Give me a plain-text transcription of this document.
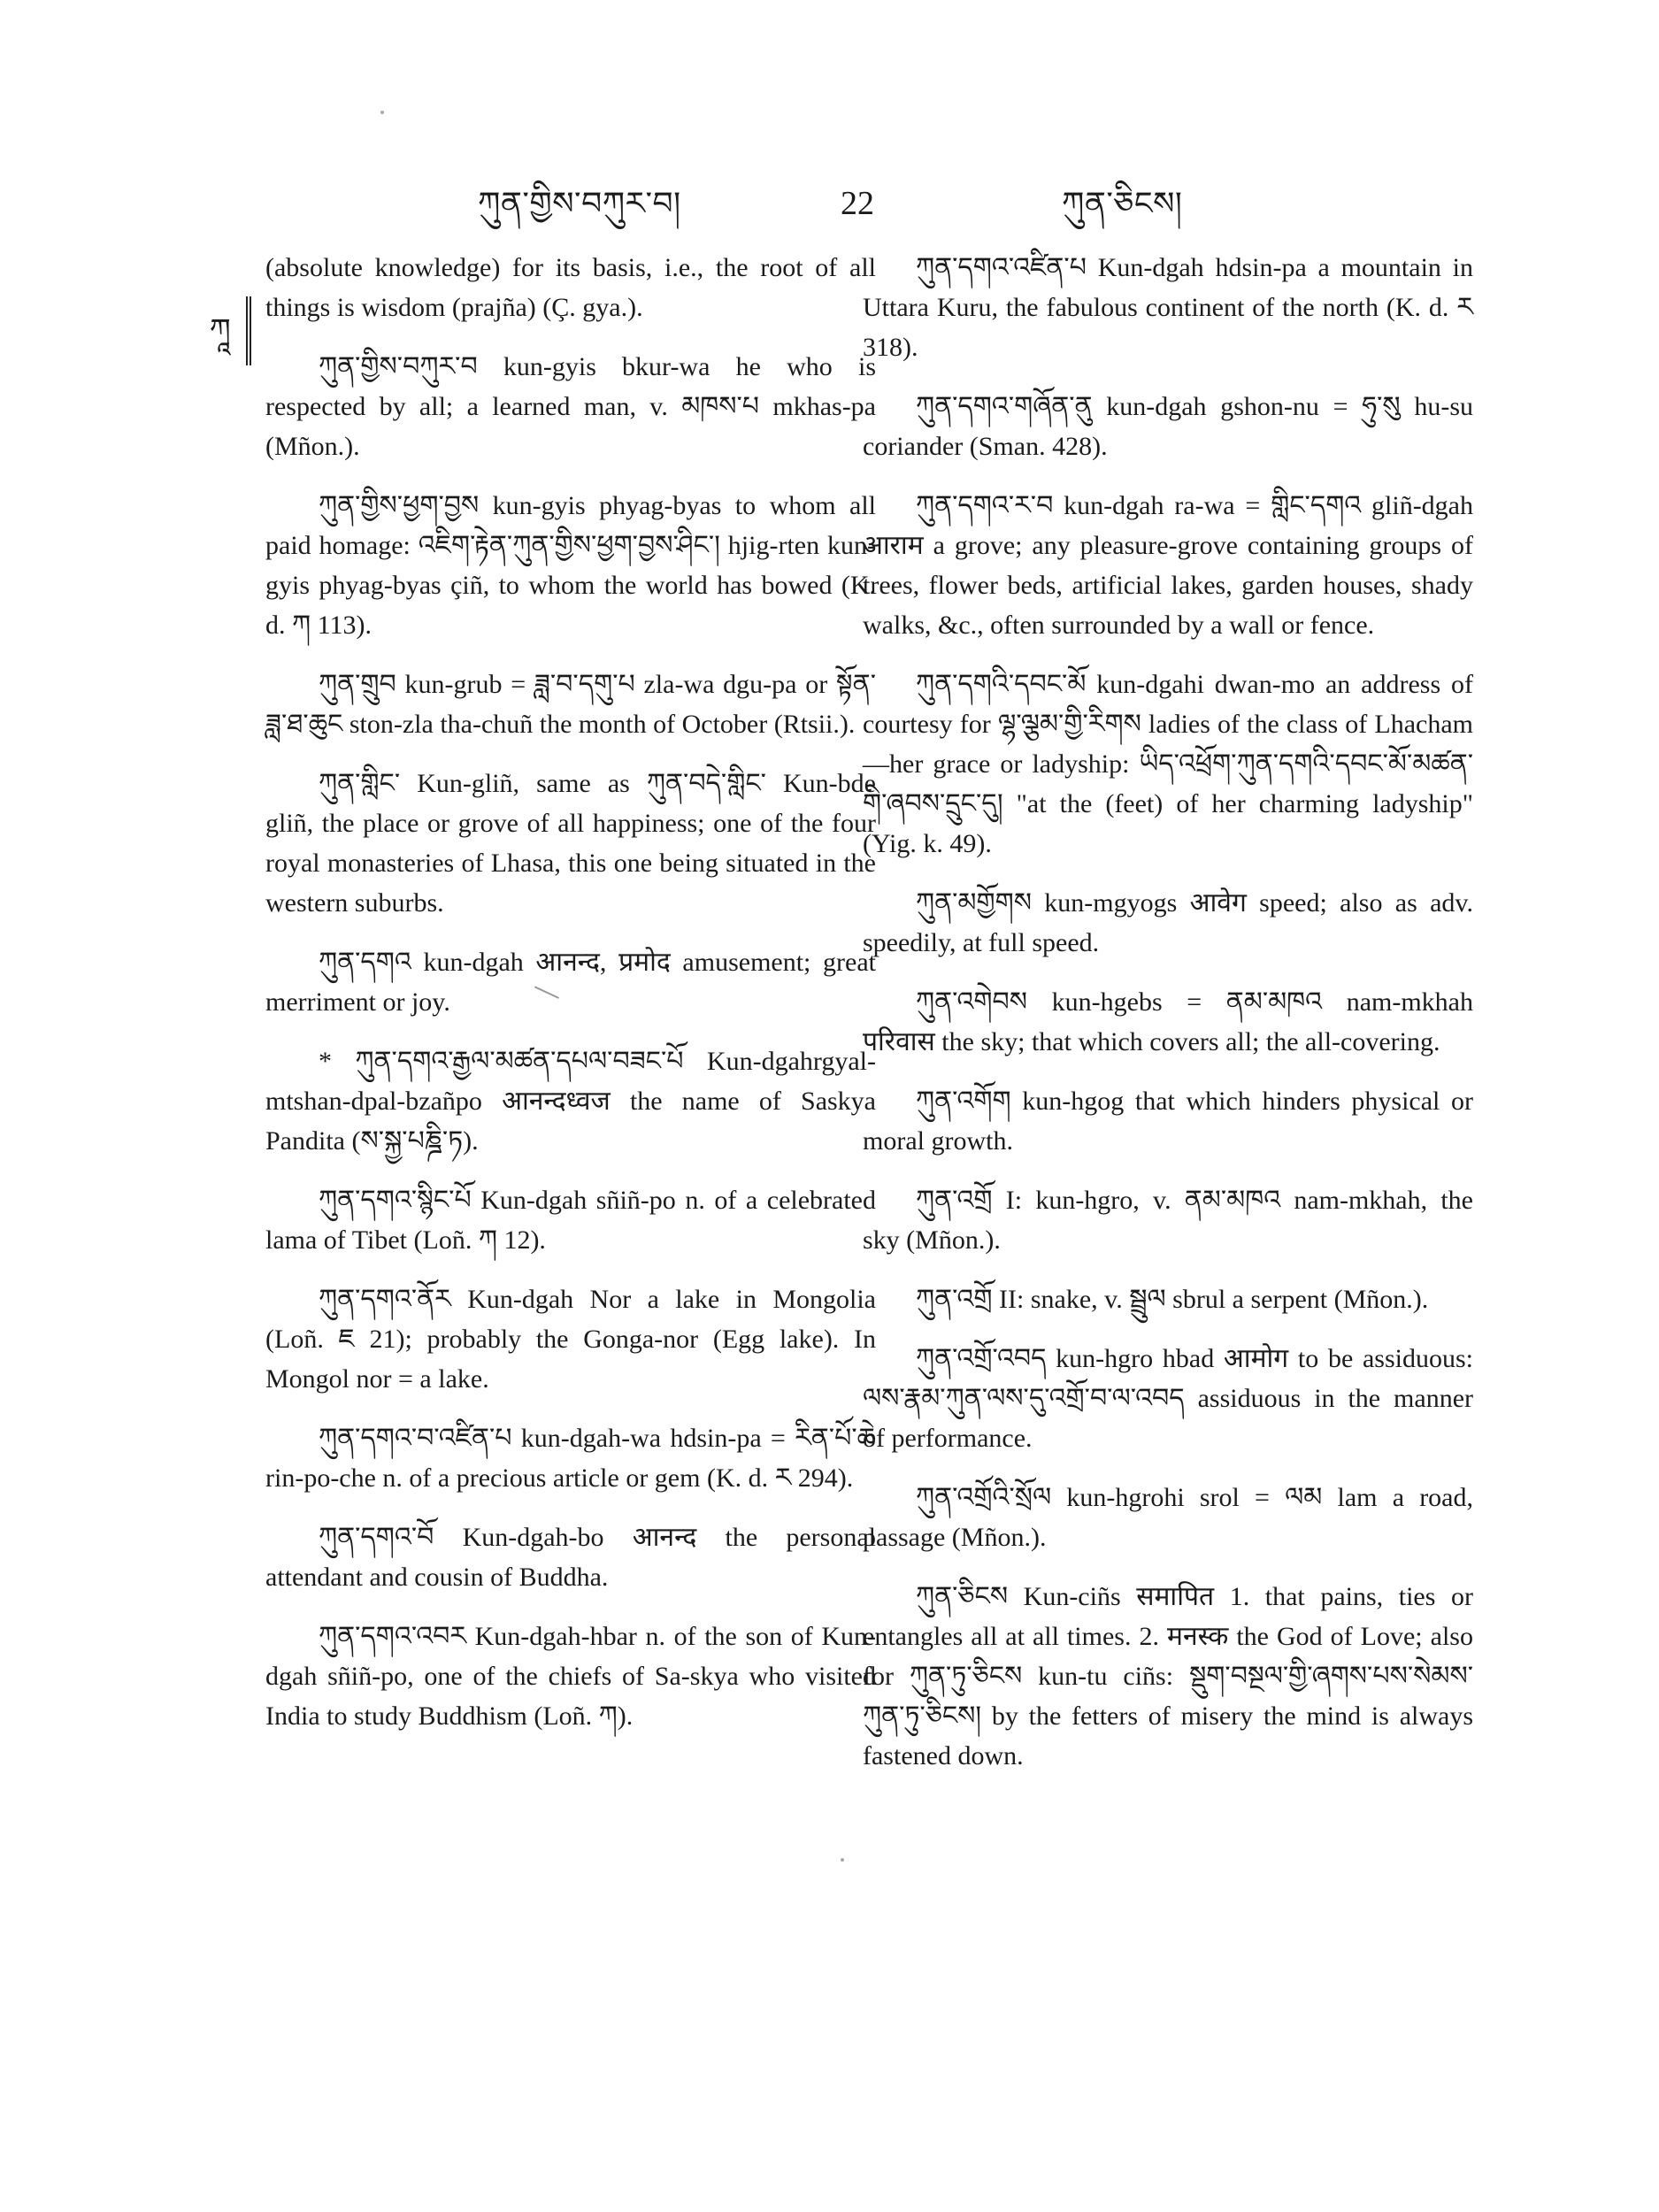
ཀུན་གྱིས་བཀུར་བ།	22	ཀུན་ཅིངས།
ཀཱ

(absolute knowledge) for its basis, i.e., the root of all things is wisdom (prajña) (Ç. gya.).

ཀུན་གྱིས་བཀུར་བ kun-gyis bkur-wa he who is respected by all; a learned man, v. མཁས་པ mkhas-pa (Mñon.).

ཀུན་གྱིས་ཕྱག་བྱས kun-gyis phyag-byas to whom all paid homage: འཇིག་རྟེན་ཀུན་གྱིས་ཕྱག་བྱས་ཤིང་། hjig-rten kun-gyis phyag-byas çiñ, to whom the world has bowed (K. d. ཀ 113).

ཀུན་གྲུབ kun-grub = ཟླ་བ་དགུ་པ zla-wa dgu-pa or སྟོན་ཟླ་ཐ་ཆུང ston-zla tha-chuñ the month of October (Rtsii.).

ཀུན་གླིང་ Kun-gliñ, same as ཀུན་བདེ་གླིང་ Kun-bde gliñ, the place or grove of all happiness; one of the four royal monasteries of Lhasa, this one being situated in the western suburbs.

ཀུན་དགའ kun-dgah आनन्द, प्रमोद amusement; great merriment or joy.

* ཀུན་དགའ་རྒྱལ་མཚན་དཔལ་བཟང་པོ Kun-dgahrgyal-mtshan-dpal-bzañpo आनन्दध्वज the name of Saskya Pandita (ས་སྐྱ་པཎྜི་ཏ).

ཀུན་དགའ་སྙིང་པོ Kun-dgah sñiñ-po n. of a celebrated lama of Tibet (Loñ. ཀ 12).

ཀུན་དགའ་ནོར Kun-dgah Nor a lake in Mongolia (Loñ. ཇ 21); probably the Gonga-nor (Egg lake). In Mongol nor = a lake.

ཀུན་དགའ་བ་འཛིན་པ kun-dgah-wa hdsin-pa = རིན་པོ་ཆེ rin-po-che n. of a precious article or gem (K. d. ར 294).

ཀུན་དགའ་བོ Kun-dgah-bo आनन्द the personal attendant and cousin of Buddha.

ཀུན་དགའ་འབར Kun-dgah-hbar n. of the son of Kun-dgah sñiñ-po, one of the chiefs of Sa-skya who visited India to study Buddhism (Loñ. ཀ).

ཀུན་དགའ་འཛིན་པ Kun-dgah hdsin-pa a mountain in Uttara Kuru, the fabulous continent of the north (K. d. ར 318).

ཀུན་དགའ་གཞོན་ནུ kun-dgah gshon-nu = ཧུ་སུ hu-su coriander (Sman. 428).

ཀུན་དགའ་ར་བ kun-dgah ra-wa = གླིང་དགའ gliñ-dgah आराम a grove; any pleasure-grove containing groups of trees, flower beds, artificial lakes, garden houses, shady walks, &c., often surrounded by a wall or fence.

ཀུན་དགའི་དབང་མོ kun-dgahi dwan-mo an address of courtesy for ལྷ་ལྕམ་གྱི་རིགས ladies of the class of Lhacham—her grace or ladyship: ཡིད་འཕྲོག་ཀུན་དགའི་དབང་མོ་མཚན་གི་ཞབས་དྲུང་དུ། "at the (feet) of her charming ladyship" (Yig. k. 49).

ཀུན་མགྱོགས kun-mgyogs आवेग speed; also as adv. speedily, at full speed.

ཀུན་འགེབས kun-hgebs = ནམ་མཁའ nam-mkhah परिवास the sky; that which covers all; the all-covering.

ཀུན་འགོག kun-hgog that which hinders physical or moral growth.

ཀུན་འགྲོ I: kun-hgro, v. ནམ་མཁའ nam-mkhah, the sky (Mñon.).

ཀུན་འགྲོ II: snake, v. སྦྲུལ sbrul a serpent (Mñon.).

ཀུན་འགྲོ་འབད kun-hgro hbad आमोग to be assiduous: ལས་རྣམ་ཀུན་ལས་དུ་འགྲོ་བ་ལ་འབད assiduous in the manner of performance.

ཀུན་འགྲོའི་སྲོལ kun-hgrohi srol = ལམ lam a road, passage (Mñon.).

ཀུན་ཅིངས Kun-ciñs समापित 1. that pains, ties or entangles all at all times. 2. मनस्क the God of Love; also for ཀུན་ཏུ་ཅིངས kun-tu ciñs: སྡུག་བསྔལ་གྱི་ཞགས་པས་སེམས་ཀུན་ཏུ་ཅིངས། by the fetters of misery the mind is always fastened down.
